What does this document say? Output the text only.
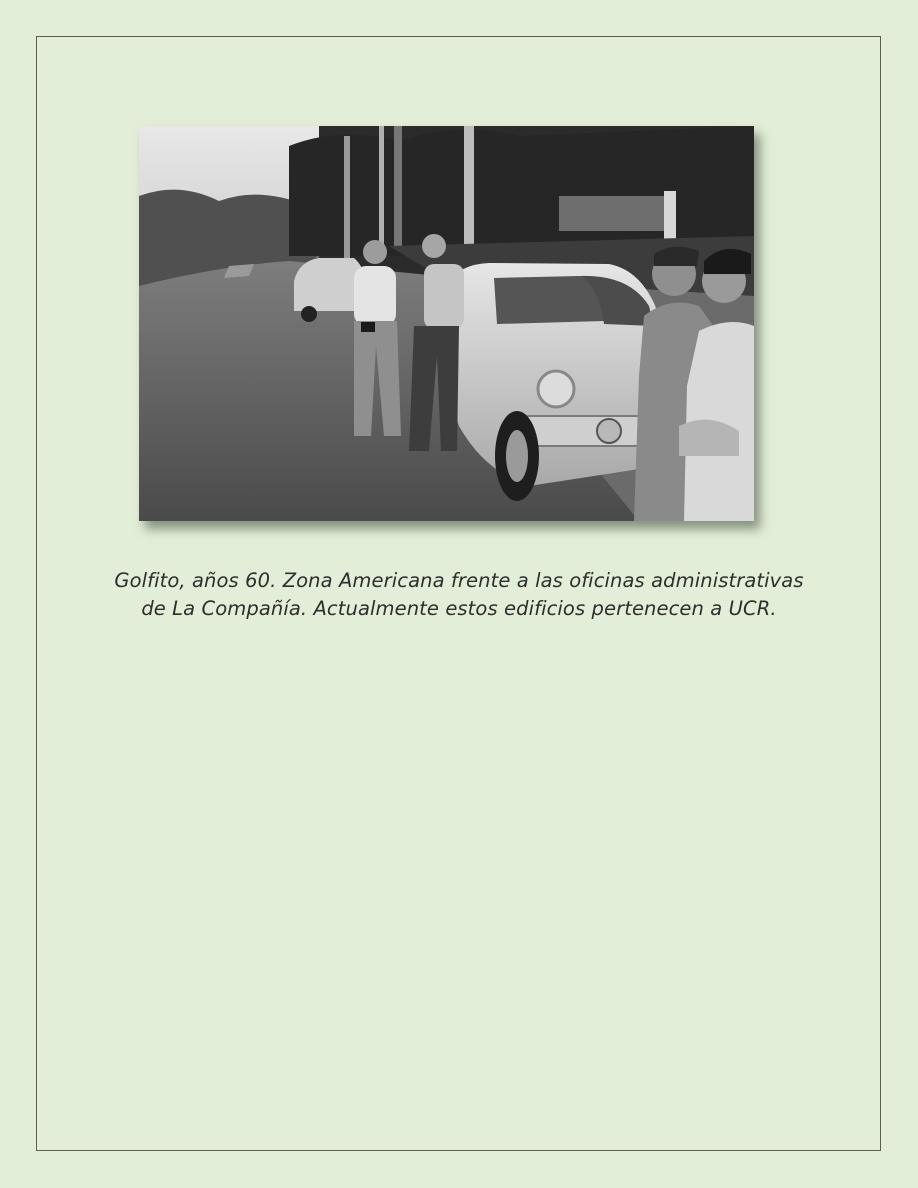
Golfito, años 60. Zona Americana frente a las oficinas administrativas
de La Compañía. Actualmente estos edificios pertenecen a UCR.
